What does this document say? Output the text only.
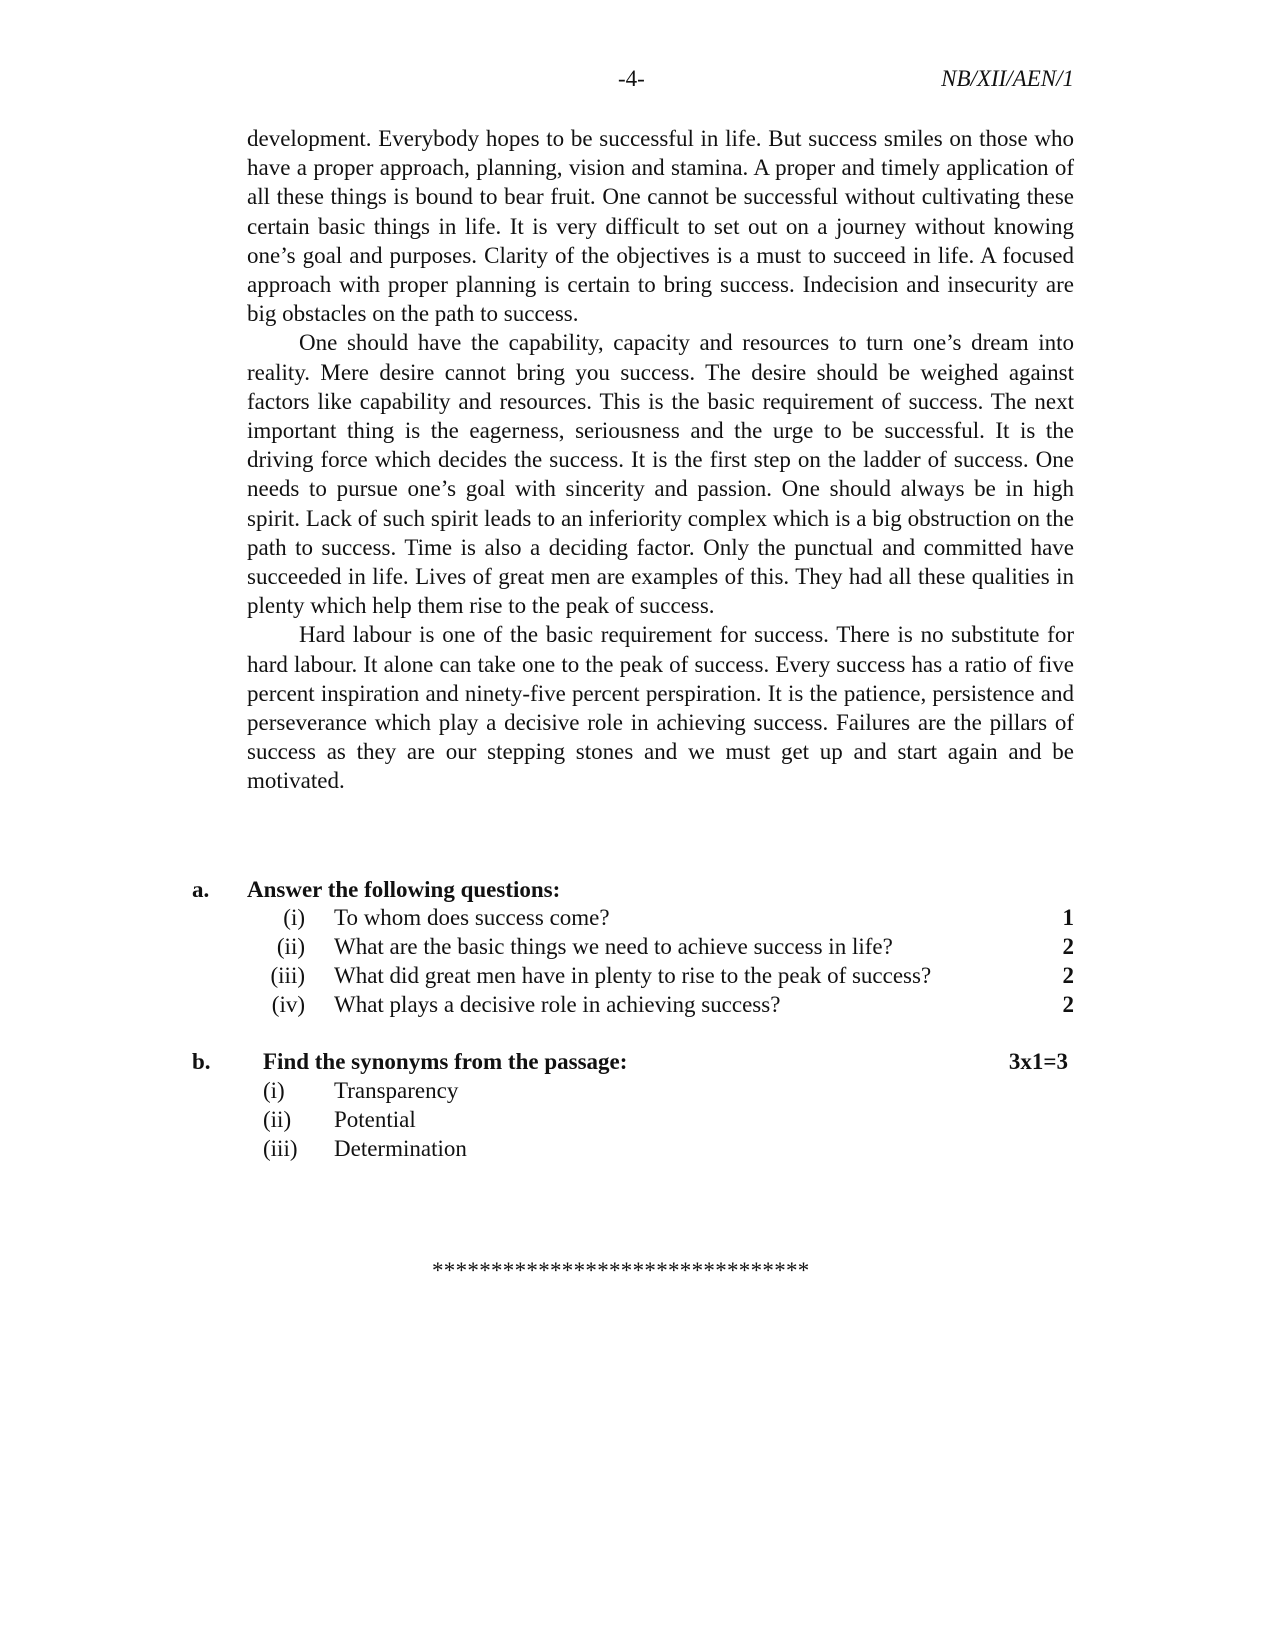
-4-	NB/XII/AEN/1

development. Everybody hopes to be successful in life. But success smiles on those who have a proper approach, planning, vision and stamina. A proper and timely application of all these things is bound to bear fruit. One cannot be successful without cultivating these certain basic things in life. It is very difficult to set out on a journey without knowing one’s goal and purposes. Clarity of the objectives is a must to succeed in life. A focused approach with proper planning is certain to bring success. Indecision and insecurity are big obstacles on the path to success.

One should have the capability, capacity and resources to turn one’s dream into reality. Mere desire cannot bring you success. The desire should be weighed against factors like capability and resources. This is the basic requirement of success. The next important thing is the eagerness, seriousness and the urge to be successful. It is the driving force which decides the success. It is the first step on the ladder of success. One needs to pursue one’s goal with sincerity and passion. One should always be in high spirit. Lack of such spirit leads to an inferiority complex which is a big obstruction on the path to success. Time is also a deciding factor. Only the punctual and committed have succeeded in life. Lives of great men are examples of this. They had all these qualities in plenty which help them rise to the peak of success.

Hard labour is one of the basic requirement for success. There is no substitute for hard labour. It alone can take one to the peak of success. Every success has a ratio of five percent inspiration and ninety-five percent perspiration. It is the patience, persistence and perseverance which play a decisive role in achieving success. Failures are the pillars of success as they are our stepping stones and we must get up and start again and be motivated.

a. Answer the following questions:
(i) To whom does success come?	1
(ii) What are the basic things we need to achieve success in life?	2
(iii) What did great men have in plenty to rise to the peak of success?	2
(iv) What plays a decisive role in achieving success?	2
b. Find the synonyms from the passage:	3x1=3
(i) Transparency
(ii) Potential
(iii) Determination
********************************
